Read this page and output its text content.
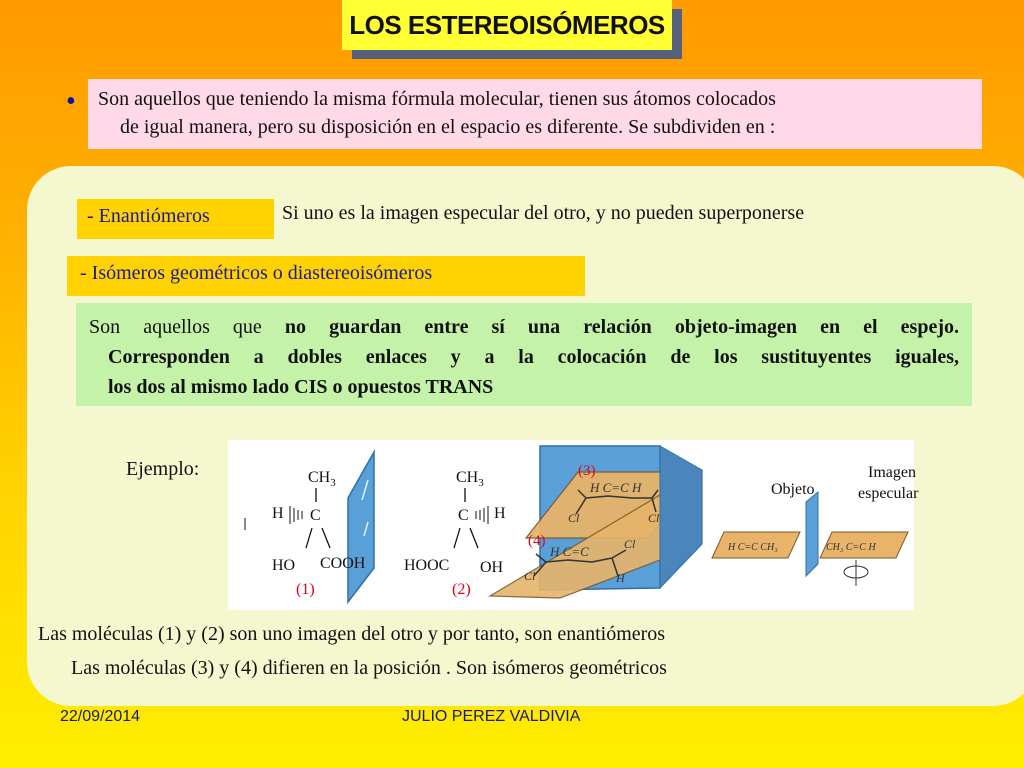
LOS ESTEREOISÓMEROS
• Son aquellos que teniendo la misma fórmula molecular, tienen sus átomos colocados
de igual manera, pero su disposición en el espacio es diferente. Se subdividen en :
- Enantiómeros	Si uno es la imagen especular del otro, y no pueden superponerse
- Isómeros geométricos o diastereoisómeros
Son aquellos que no guardan entre sí una relación objeto-imagen en el espejo.
Corresponden a dobles enlaces y a la colocación de los sustituyentes iguales,
los dos al mismo lado CIS o opuestos TRANS
Ejemplo:
H C=C H
Cl	Cl
H C=C
Cl
Cl
H
H C=C CH₃	CH₃ C=C H
$CH_3$
H C
HO COOH
(1)
$CH_3$
C H
HOOC OH
(2)
(3)
(4)
Objeto
Imagen
especular
Las moléculas (1) y (2) son uno imagen del otro y por tanto, son enantiómeros
Las moléculas (3) y (4) difieren en la posición . Son isómeros geométricos
22/09/2014	JULIO PEREZ VALDIVIA
